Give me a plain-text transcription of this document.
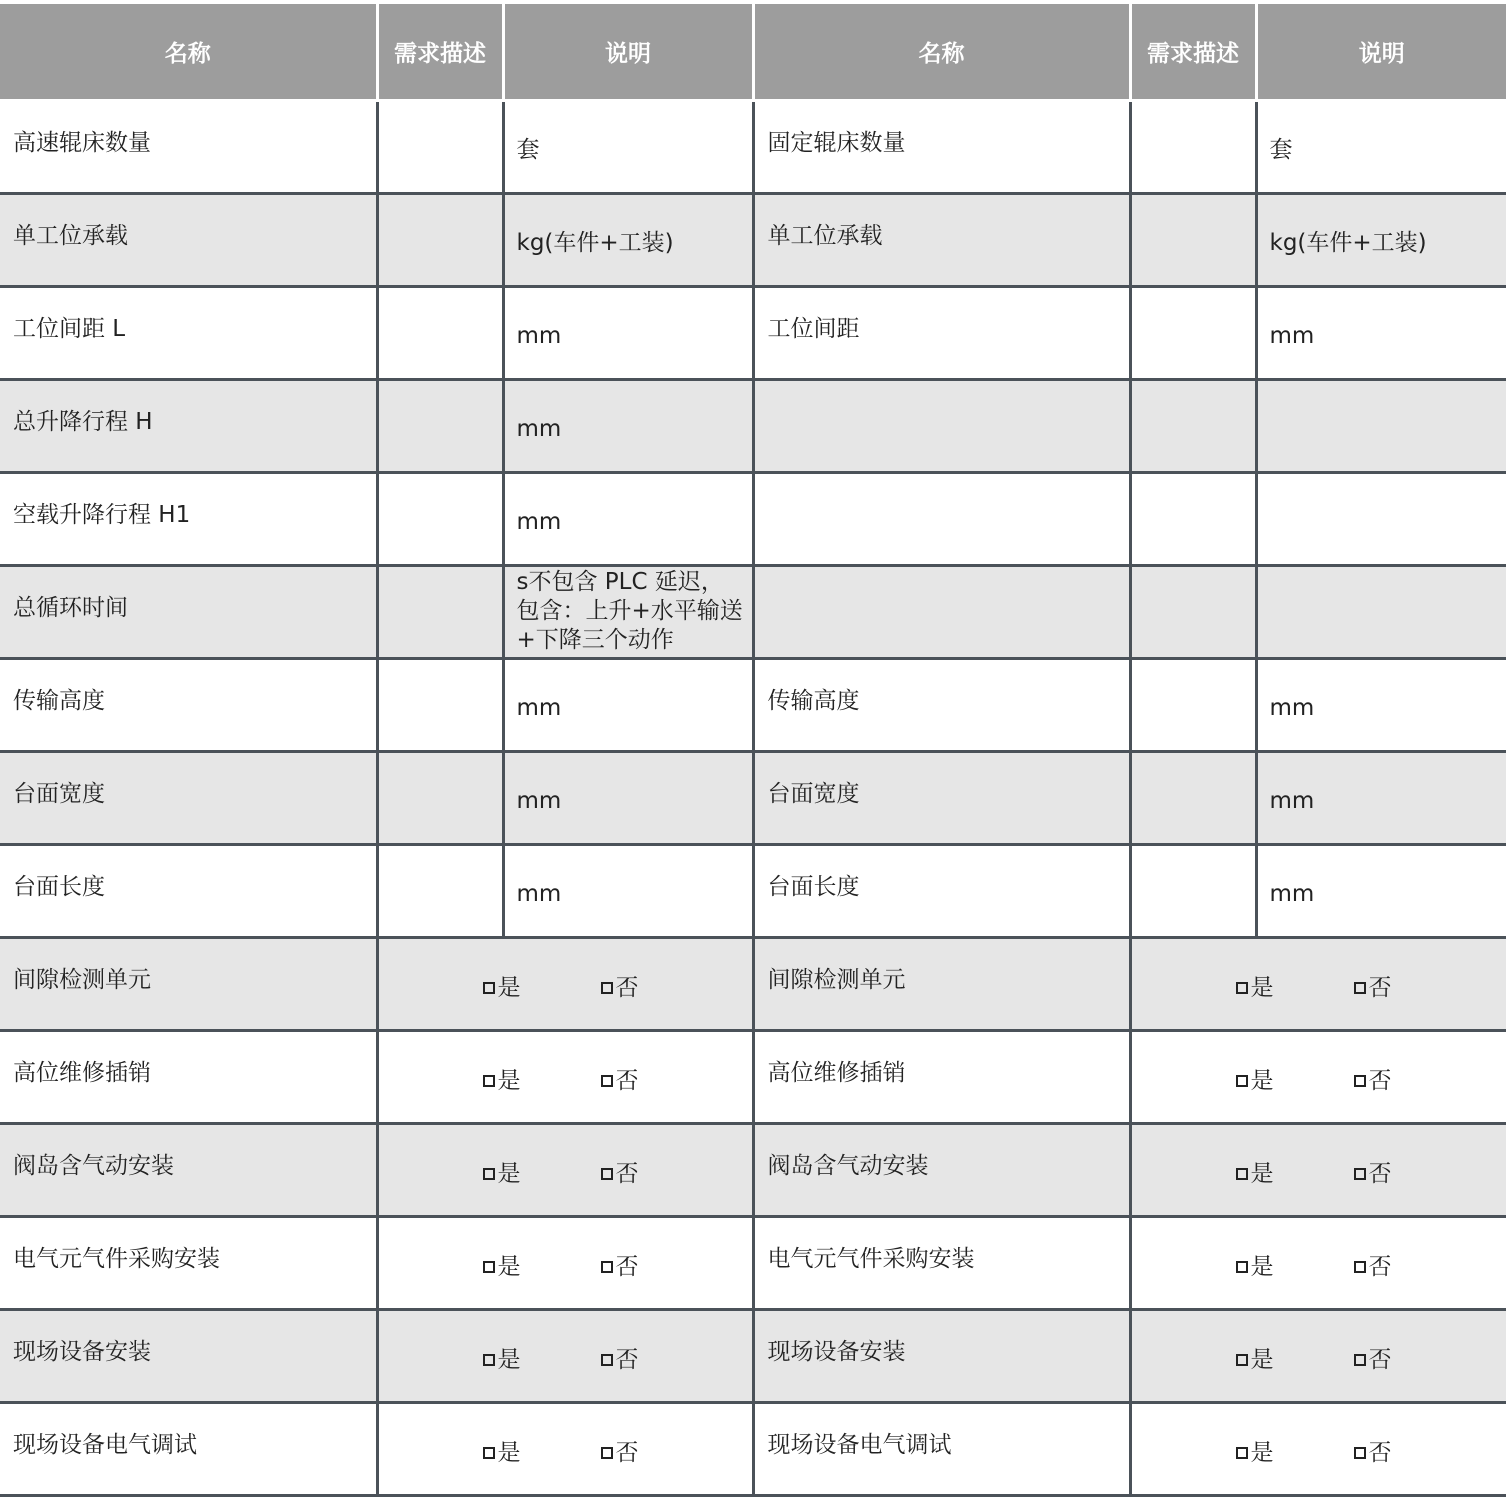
名称	需求描述	说明	名称	需求描述	说明
高速辊床数量		套	固定辊床数量		套
单工位承载		kg(车件+工装)	单工位承载		kg(车件+工装)
工位间距 L		mm	工位间距		mm
总升降行程 H		mm			
空载升降行程 H1		mm			
总循环时间		s不包含 PLC 延迟，包含：上升+水平输送+下降三个动作			
传输高度		mm	传输高度		mm
台面宽度		mm	台面宽度		mm
台面长度		mm	台面长度		mm
间隙检测单元	是 否		间隙检测单元	是 否	

高位维修插销	是 否		高位维修插销	是 否	

阀岛含气动安装	是 否		阀岛含气动安装	是 否	

电气元气件采购安装	是 否		电气元气件采购安装	是 否	

现场设备安装	是 否		现场设备安装	是 否	

现场设备电气调试	是 否		现场设备电气调试	是 否	
